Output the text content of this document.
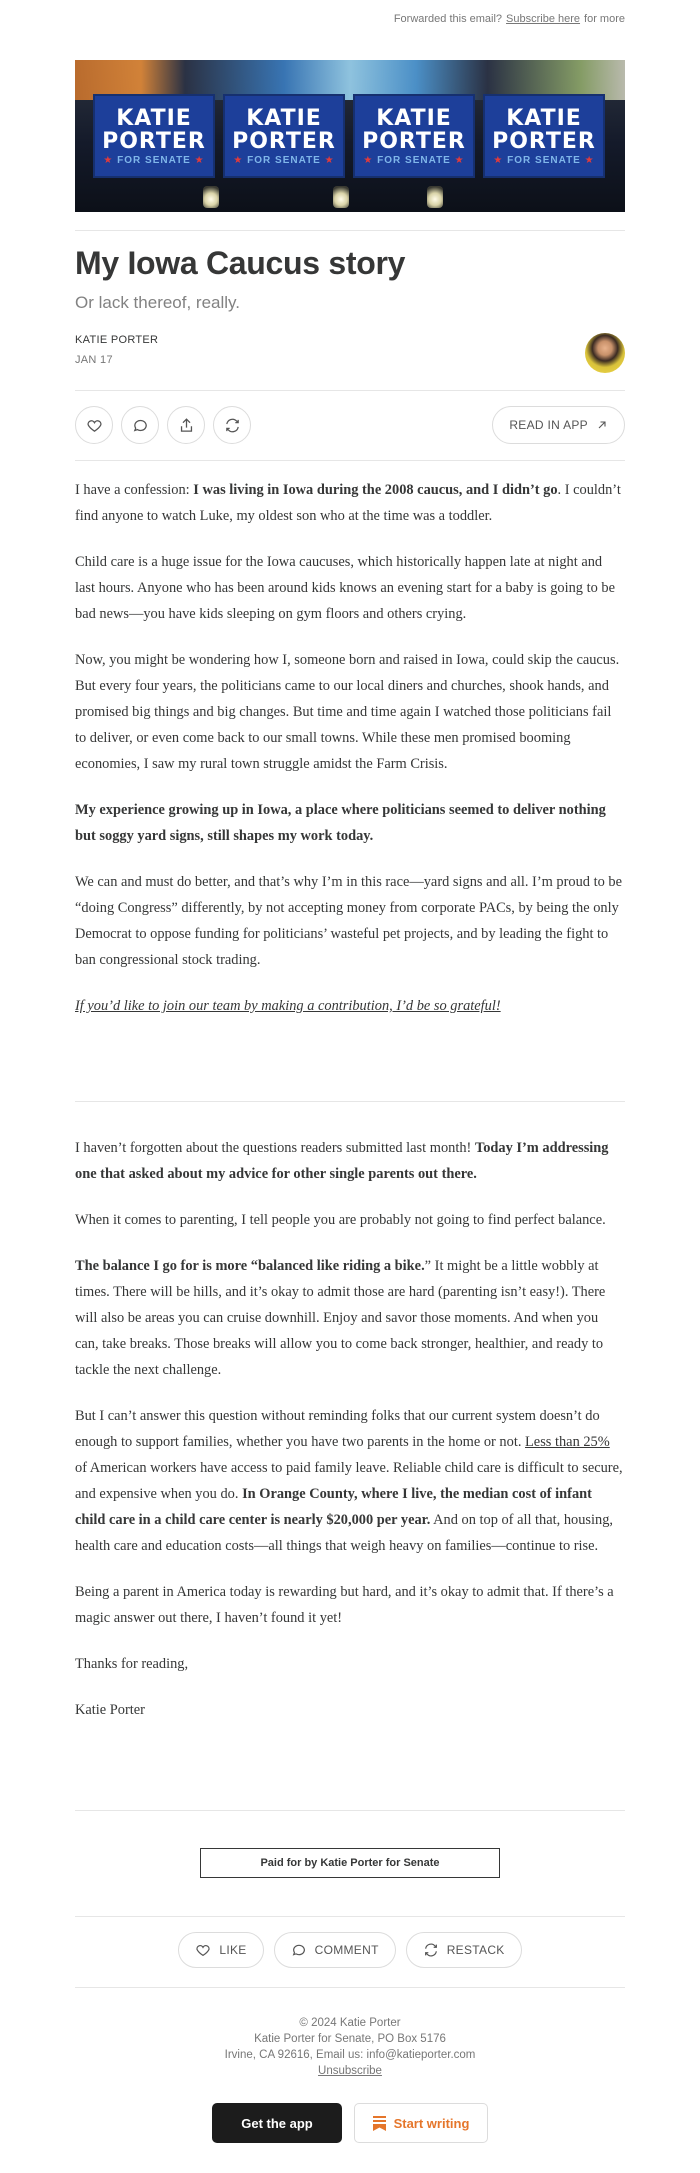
Forwarded this email? Subscribe here for more
KATIE
PORTER
★ FOR SENATE ★
KATIE
PORTER
★ FOR SENATE ★
KATIE
PORTER
★ FOR SENATE ★
KATIE
PORTER
★ FOR SENATE ★
My Iowa Caucus story
Or lack thereof, really.
KATIE PORTER
JAN 17
READ IN APP

I have a confession: I was living in Iowa during the 2008 caucus, and I didn’t go. I couldn’t find anyone to watch Luke, my oldest son who at the time was a toddler.

Child care is a huge issue for the Iowa caucuses, which historically happen late at night and last hours. Anyone who has been around kids knows an evening start for a baby is going to be bad news—you have kids sleeping on gym floors and others crying.

Now, you might be wondering how I, someone born and raised in Iowa, could skip the caucus. But every four years, the politicians came to our local diners and churches, shook hands, and promised big things and big changes. But time and time again I watched those politicians fail to deliver, or even come back to our small towns. While these men promised booming economies, I saw my rural town struggle amidst the Farm Crisis.

My experience growing up in Iowa, a place where politicians seemed to deliver nothing but soggy yard signs, still shapes my work today.

We can and must do better, and that’s why I’m in this race—yard signs and all. I’m proud to be “doing Congress” differently, by not accepting money from corporate PACs, by being the only Democrat to oppose funding for politicians’ wasteful pet projects, and by leading the fight to ban congressional stock trading.

If you’d like to join our team by making a contribution, I’d be so grateful!

I haven’t forgotten about the questions readers submitted last month! Today I’m addressing one that asked about my advice for other single parents out there.

When it comes to parenting, I tell people you are probably not going to find perfect balance.

The balance I go for is more “balanced like riding a bike.” It might be a little wobbly at times. There will be hills, and it’s okay to admit those are hard (parenting isn’t easy!). There will also be areas you can cruise downhill. Enjoy and savor those moments. And when you can, take breaks. Those breaks will allow you to come back stronger, healthier, and ready to tackle the next challenge.

But I can’t answer this question without reminding folks that our current system doesn’t do enough to support families, whether you have two parents in the home or not. Less than 25% of American workers have access to paid family leave. Reliable child care is difficult to secure, and expensive when you do. In Orange County, where I live, the median cost of infant child care in a child care center is nearly $20,000 per year. And on top of all that, housing, health care and education costs—all things that weigh heavy on families—continue to rise.

Being a parent in America today is rewarding but hard, and it’s okay to admit that. If there’s a magic answer out there, I haven’t found it yet!

Thanks for reading,

Katie Porter

Paid for by Katie Porter for Senate
LIKE	COMMENT	RESTACK
© 2024 Katie Porter
Katie Porter for Senate, PO Box 5176
Irvine, CA 92616, Email us: info@katieporter.com
Unsubscribe
Get the app	Start writing
